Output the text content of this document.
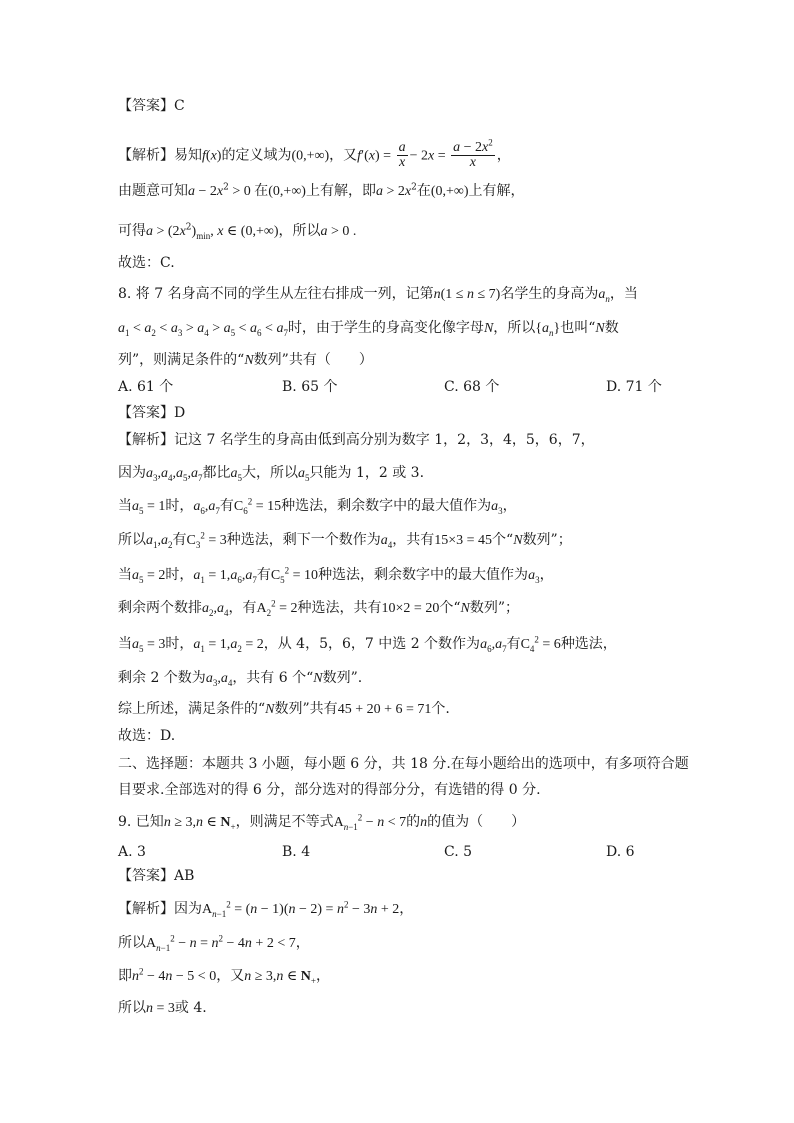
【答案】C
【解析】易知f(x)的定义域为(0,+∞)，又$f'(x) = \frac{a}{x} - 2x = \frac{a - 2x^2}{x}$ ，
由题意可知$a - 2x^2 > 0$ 在(0,+∞)上有解，即$a > 2x^2$在(0,+∞)上有解，
可得$a > (2x^2)_{min}$, x ∈ (0,+∞)，所以a > 0 .
故选：C.
8. 将 7 名身高不同的学生从左往右排成一列，记第n(1 ≤ n ≤ 7)名学生的身高为$a_n$，当
$a_1 < a_2 < a_3 > a_4 > a_5 < a_6 < a_7$时，由于学生的身高变化像字母N，所以$\{a_n\}$也叫“N数
列”，则满足条件的“N数列”共有（　　）
A. 61 个	B. 65 个	C. 68 个	D. 71 个
【答案】D
【解析】记这 7 名学生的身高由低到高分别为数字 1，2，3，4，5，6，7，
因为$a_3,a_4,a_5,a_7$都比$a_5$大，所以$a_5$只能为 1，2 或 3.
当$a_5 = 1$时，$a_6,a_7$有$C_6^2 = 15$种选法，剩余数字中的最大值作为$a_3$，
所以$a_1,a_2$有$C_3^2 = 3$种选法，剩下一个数作为$a_4$，共有15×3 = 45个“N数列”；
当$a_5 = 2$时，$a_1 = 1,a_6,a_7$有$C_5^2 = 10$种选法，剩余数字中的最大值作为$a_3$，
剩余两个数排$a_2,a_4$，有$A_2^2 = 2$种选法，共有10×2 = 20个“N数列”；
当$a_5 = 3$时，$a_1 = 1,a_2 = 2$，从 4，5，6，7 中选 2 个数作为$a_6,a_7$有$C_4^2 = 6$种选法，
剩余 2 个数为$a_3,a_4$，共有 6 个“N数列”.
综上所述，满足条件的“N数列”共有45 + 20 + 6 = 71个.
故选：D.
二、选择题：本题共 3 小题，每小题 6 分，共 18 分.在每小题给出的选项中，有多项符合题
目要求.全部选对的得 6 分，部分选对的得部分分，有选错的得 0 分.
9. 已知n ≥ 3,n ∈ $N_+$，则满足不等式$A_{n-1}^2 - n < 7$的n的值为（　　）
A. 3	B. 4	C. 5	D. 6
【答案】AB
【解析】因为$A_{n-1}^2 = (n - 1)(n - 2) = n^2 - 3n + 2$，
所以$A_{n-1}^2 - n = n^2 - 4n + 2 < 7$，
即$n^2 - 4n - 5 < 0$，又n ≥ 3,n ∈ $N_+$，
所以n = 3或 4.
